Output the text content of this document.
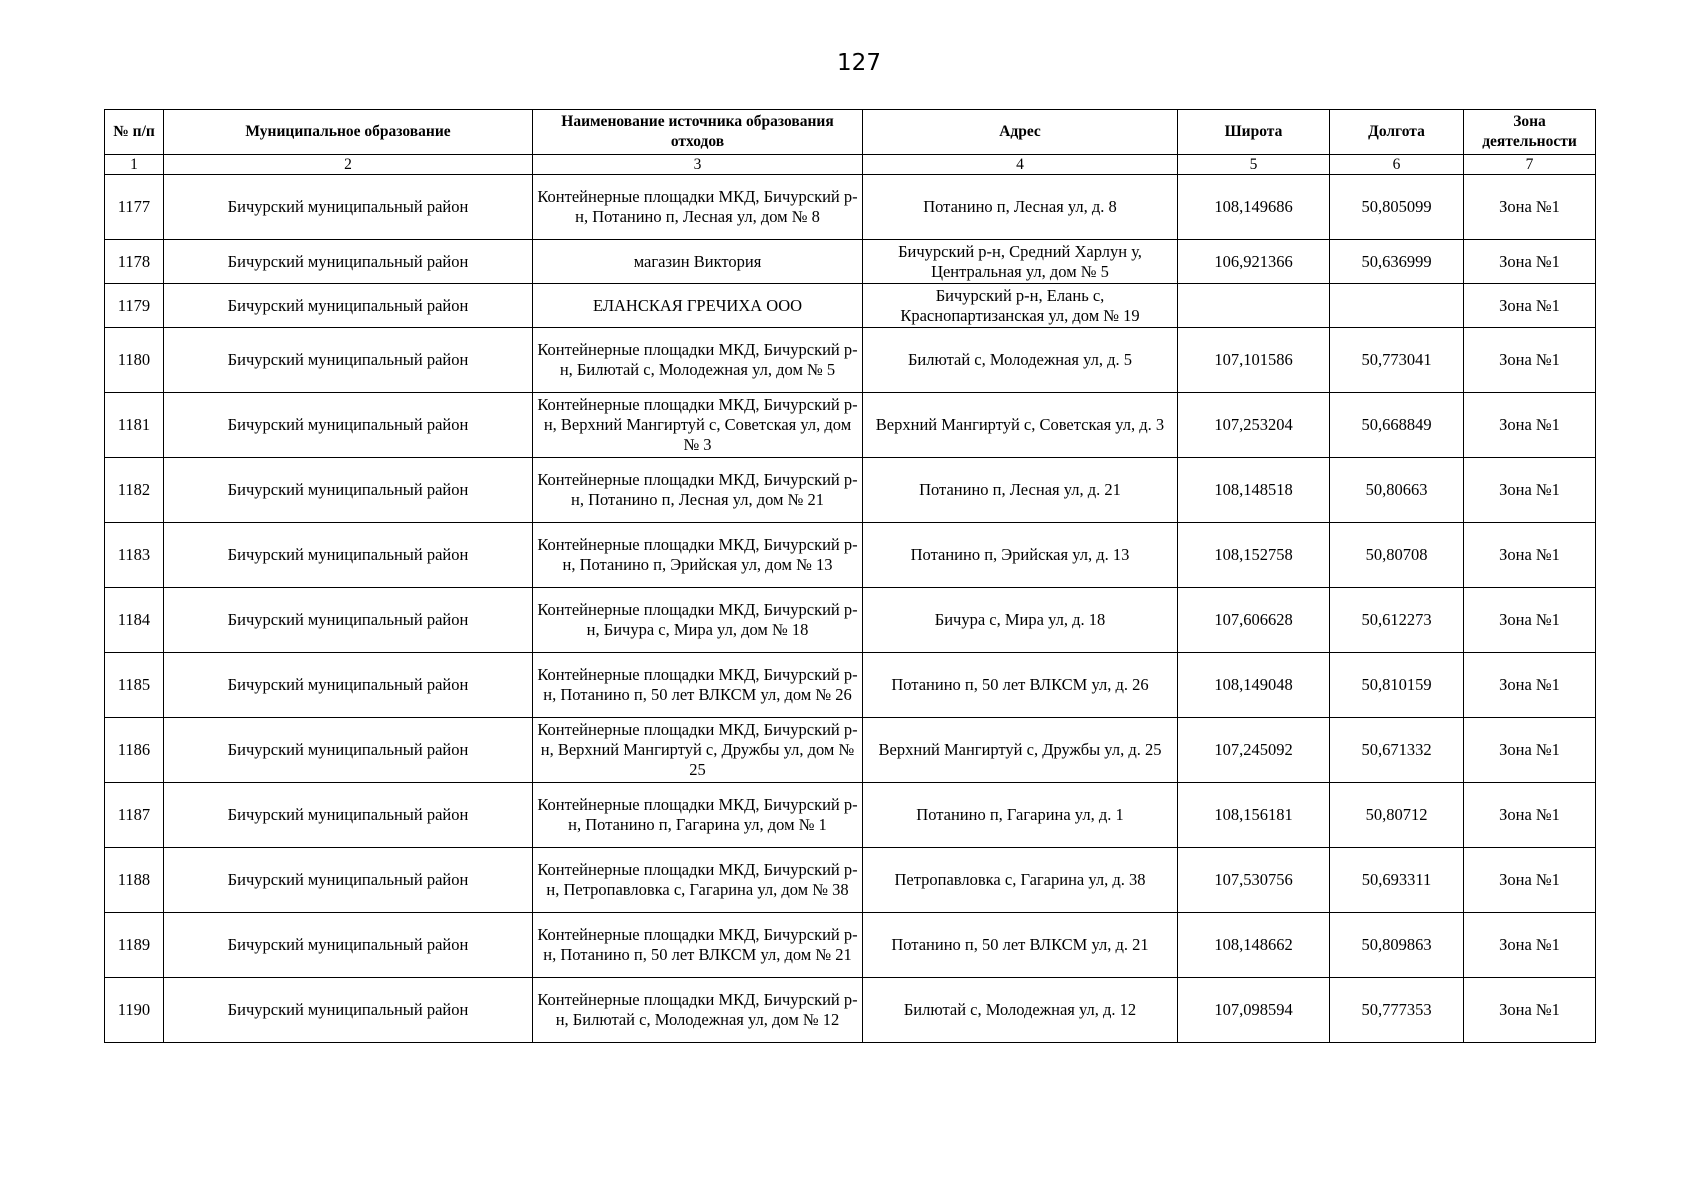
127
№ п/п	Муниципальное образование	Наименование источника образования отходов	Адрес	Широта	Долгота	Зона деятельности
1	2	3	4	5	6	7
1177	Бичурский муниципальный район	Контейнерные площадки МКД, Бичурский р-н, Потанино п, Лесная ул, дом № 8	Потанино п, Лесная ул, д. 8	108,149686	50,805099	Зона №1
1178	Бичурский муниципальный район	магазин Виктория	Бичурский р-н, Средний Харлун у, Центральная ул, дом № 5	106,921366	50,636999	Зона №1
1179	Бичурский муниципальный район	ЕЛАНСКАЯ ГРЕЧИХА ООО	Бичурский р-н, Елань с, Краснопартизанская ул, дом № 19			Зона №1
1180	Бичурский муниципальный район	Контейнерные площадки МКД, Бичурский р-н, Билютай с, Молодежная ул, дом № 5	Билютай с, Молодежная ул, д. 5	107,101586	50,773041	Зона №1
1181	Бичурский муниципальный район	Контейнерные площадки МКД, Бичурский р-н, Верхний Мангиртуй с, Советская ул, дом № 3	Верхний Мангиртуй с, Советская ул, д. 3	107,253204	50,668849	Зона №1
1182	Бичурский муниципальный район	Контейнерные площадки МКД, Бичурский р-н, Потанино п, Лесная ул, дом № 21	Потанино п, Лесная ул, д. 21	108,148518	50,80663	Зона №1
1183	Бичурский муниципальный район	Контейнерные площадки МКД, Бичурский р-н, Потанино п, Эрийская ул, дом № 13	Потанино п, Эрийская ул, д. 13	108,152758	50,80708	Зона №1
1184	Бичурский муниципальный район	Контейнерные площадки МКД, Бичурский р-н, Бичура с, Мира ул, дом № 18	Бичура с, Мира ул, д. 18	107,606628	50,612273	Зона №1
1185	Бичурский муниципальный район	Контейнерные площадки МКД, Бичурский р-н, Потанино п, 50 лет ВЛКСМ ул, дом № 26	Потанино п, 50 лет ВЛКСМ ул, д. 26	108,149048	50,810159	Зона №1
1186	Бичурский муниципальный район	Контейнерные площадки МКД, Бичурский р-н, Верхний Мангиртуй с, Дружбы ул, дом № 25	Верхний Мангиртуй с, Дружбы ул, д. 25	107,245092	50,671332	Зона №1
1187	Бичурский муниципальный район	Контейнерные площадки МКД, Бичурский р-н, Потанино п, Гагарина ул, дом № 1	Потанино п, Гагарина ул, д. 1	108,156181	50,80712	Зона №1
1188	Бичурский муниципальный район	Контейнерные площадки МКД, Бичурский р-н, Петропавловка с, Гагарина ул, дом № 38	Петропавловка с, Гагарина ул, д. 38	107,530756	50,693311	Зона №1
1189	Бичурский муниципальный район	Контейнерные площадки МКД, Бичурский р-н, Потанино п, 50 лет ВЛКСМ ул, дом № 21	Потанино п, 50 лет ВЛКСМ ул, д. 21	108,148662	50,809863	Зона №1
1190	Бичурский муниципальный район	Контейнерные площадки МКД, Бичурский р-н, Билютай с, Молодежная ул, дом № 12	Билютай с, Молодежная ул, д. 12	107,098594	50,777353	Зона №1
